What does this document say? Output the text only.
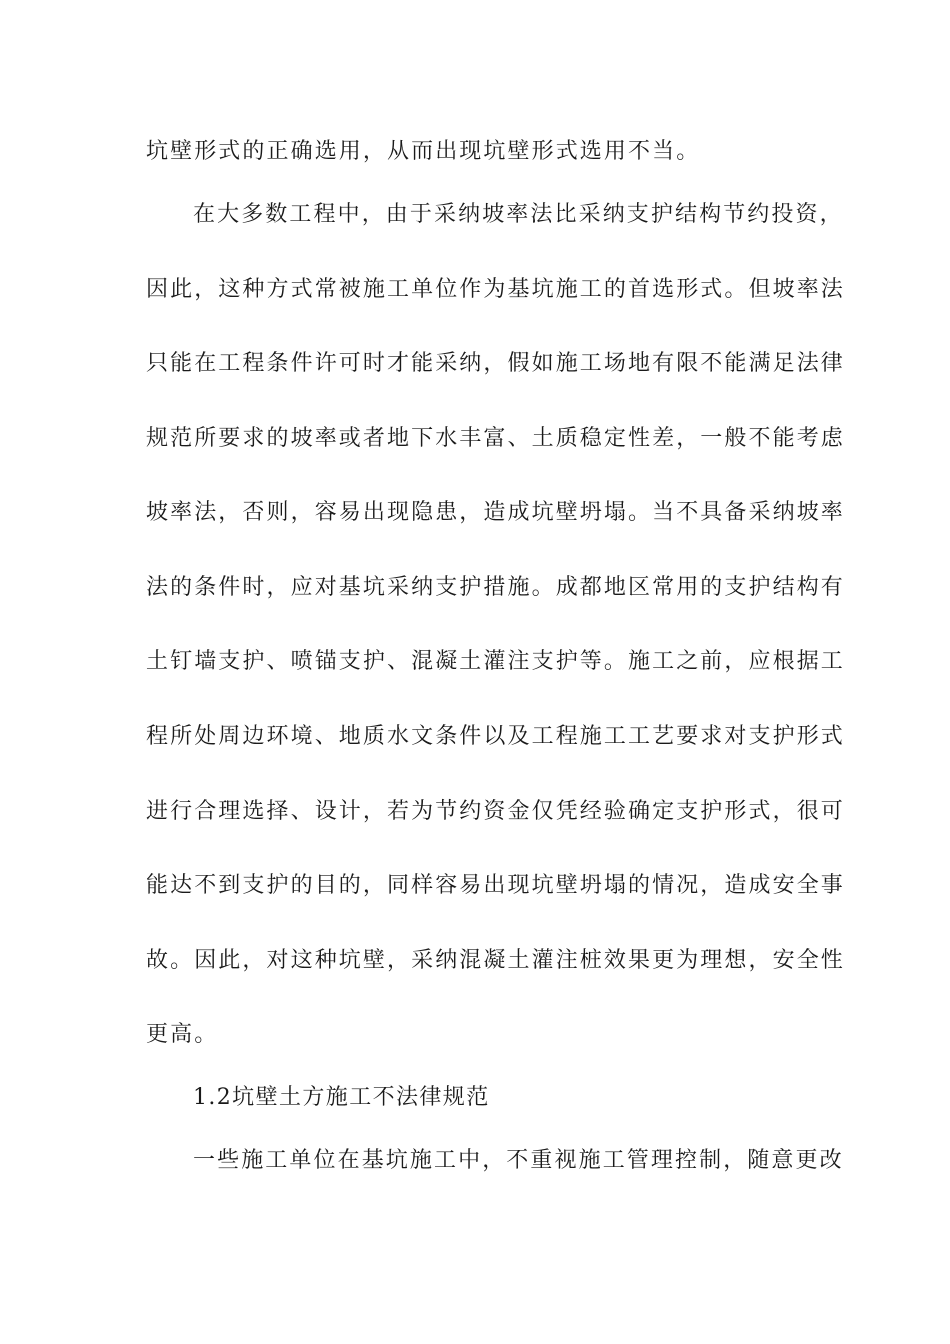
坑壁形式的正确选用，从而出现坑壁形式选用不当。
在大多数工程中，由于采纳坡率法比采纳支护结构节约投资，
因此，这种方式常被施工单位作为基坑施工的首选形式。但坡率法
只能在工程条件许可时才能采纳，假如施工场地有限不能满足法律
规范所要求的坡率或者地下水丰富、土质稳定性差，一般不能考虑
坡率法，否则，容易出现隐患，造成坑壁坍塌。当不具备采纳坡率
法的条件时，应对基坑采纳支护措施。成都地区常用的支护结构有
土钉墙支护、喷锚支护、混凝土灌注支护等。施工之前，应根据工
程所处周边环境、地质水文条件以及工程施工工艺要求对支护形式
进行合理选择、设计，若为节约资金仅凭经验确定支护形式，很可
能达不到支护的目的，同样容易出现坑壁坍塌的情况，造成安全事
故。因此，对这种坑壁，采纳混凝土灌注桩效果更为理想，安全性
更高。
1.2坑壁土方施工不法律规范
一些施工单位在基坑施工中，不重视施工管理控制，随意更改
